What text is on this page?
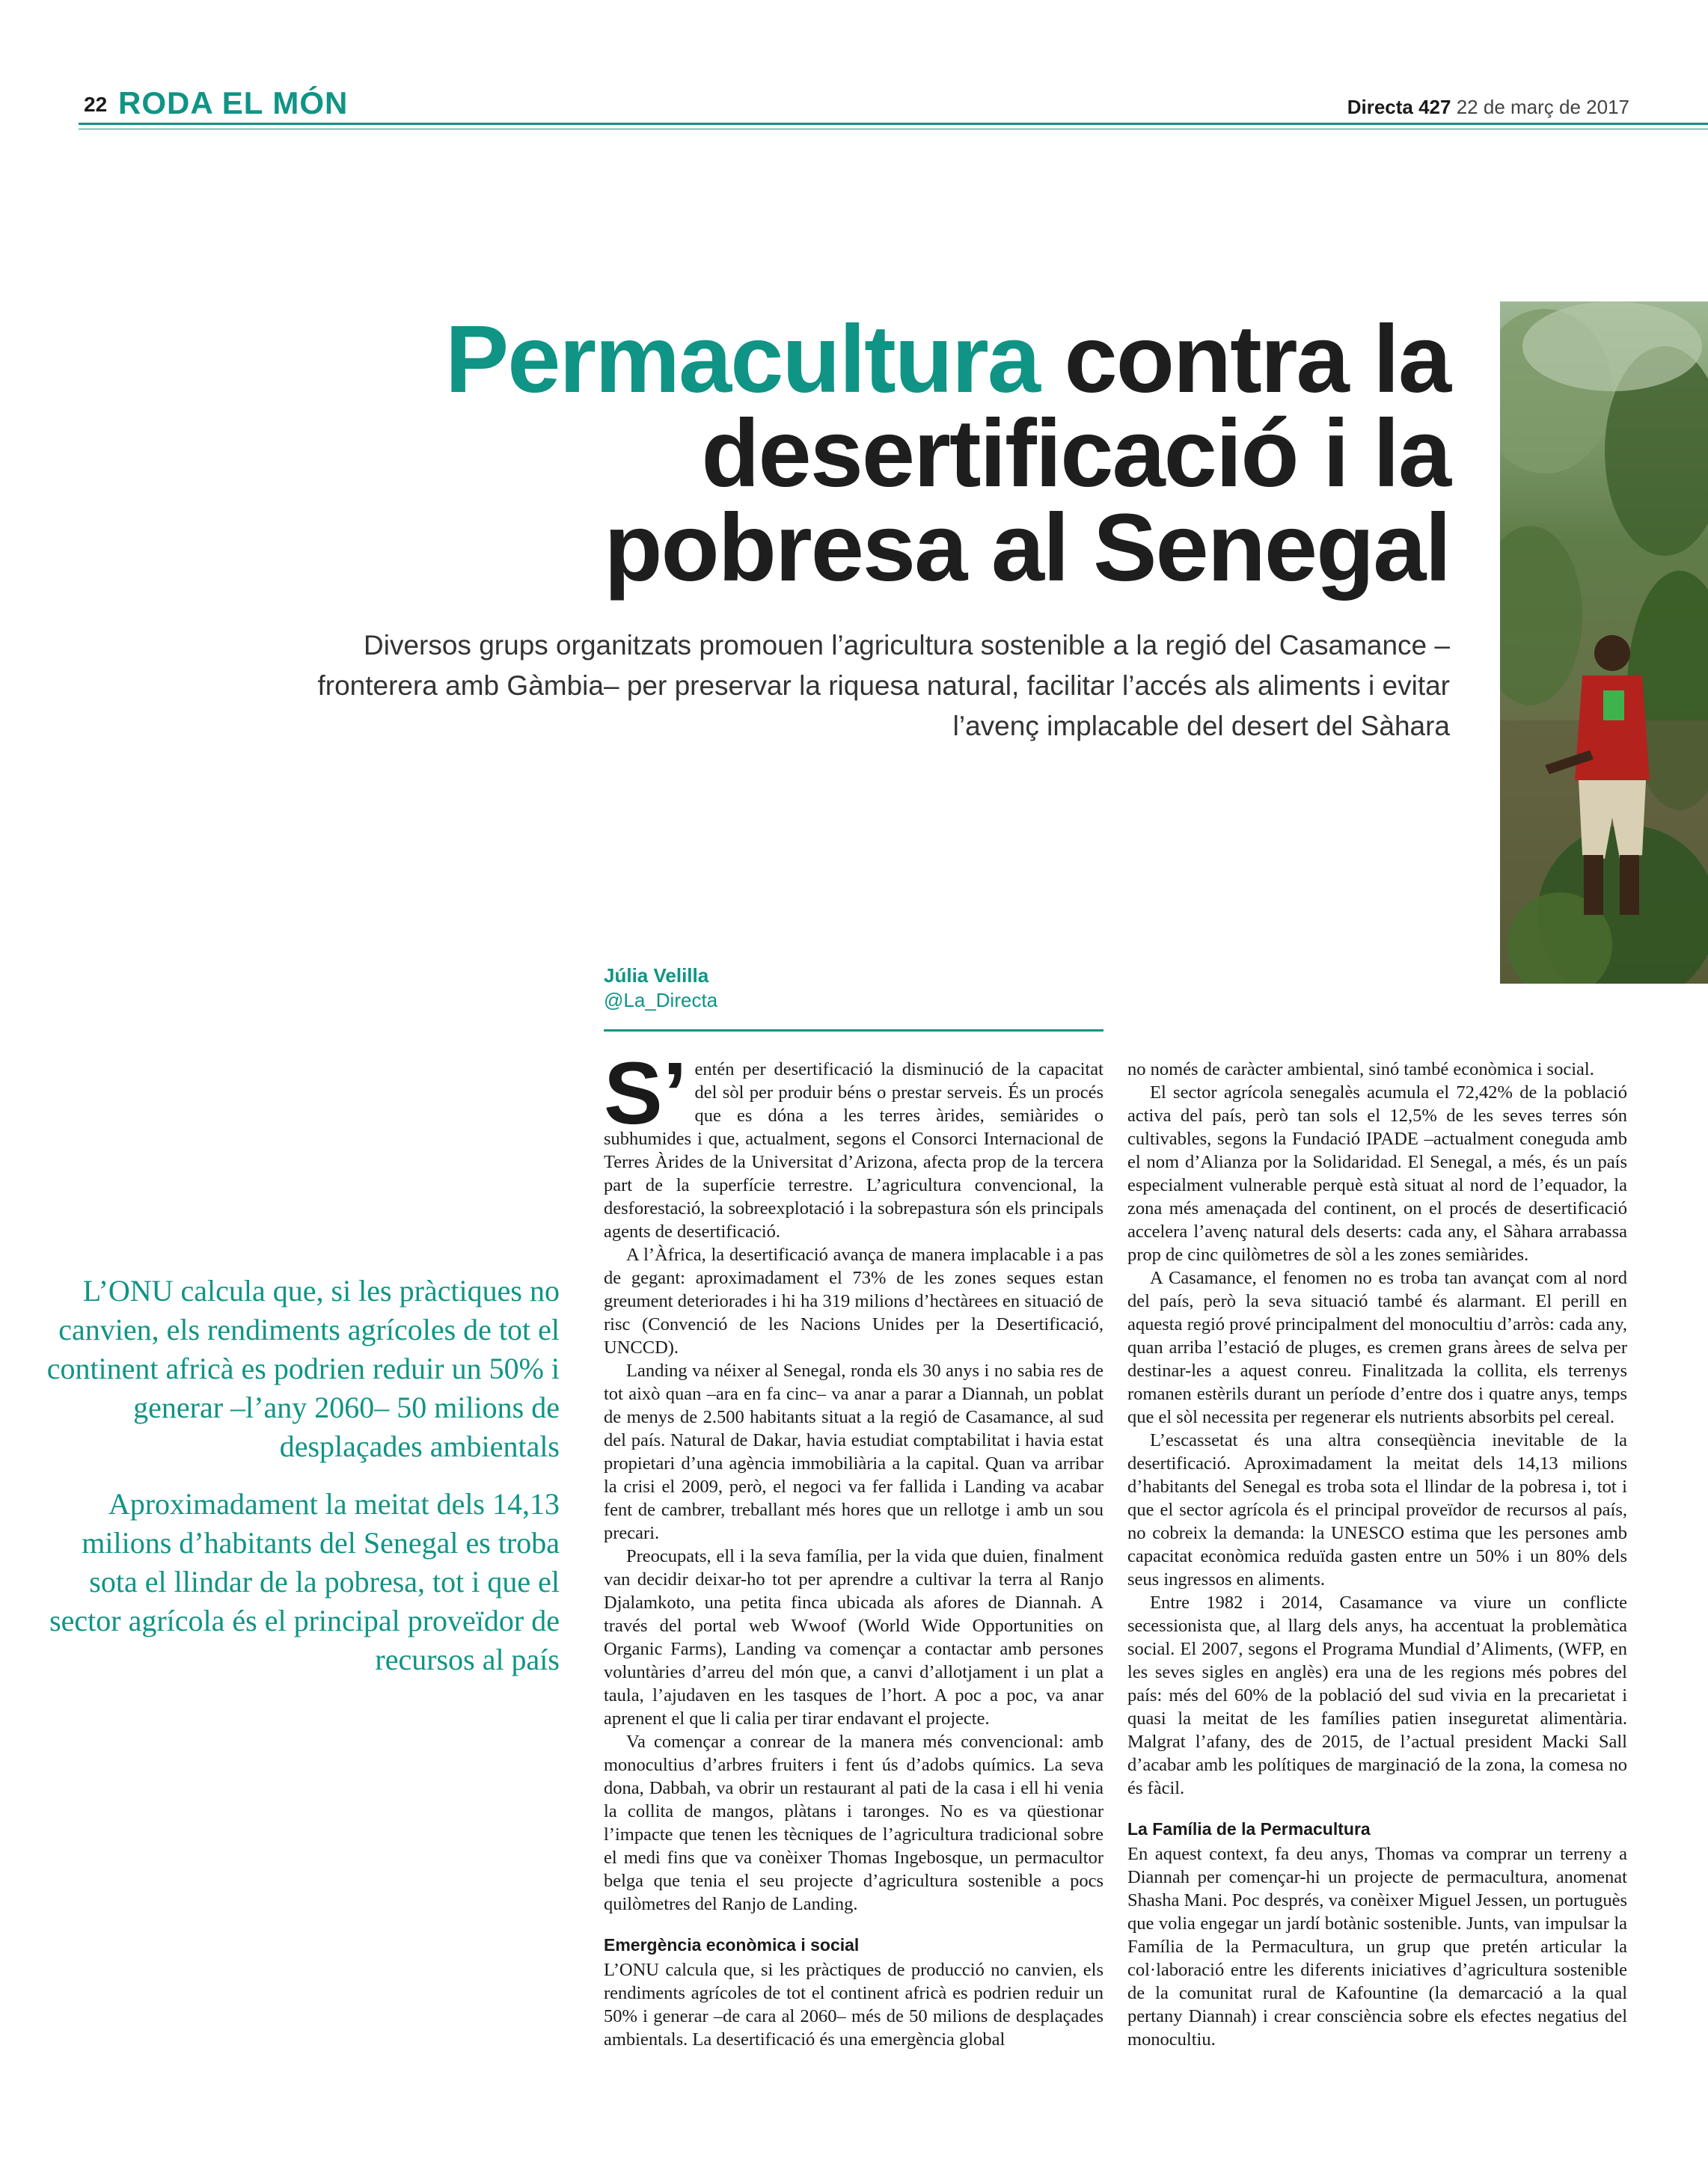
22 RODA EL MÓN	Directa 427 22 de març de 2017
Permacultura contra la desertificació i la pobresa al Senegal
Diversos grups organitzats promouen l’agricultura sostenible a la regió del Casamance –fronterera amb Gàmbia– per preservar la riquesa natural, facilitar l’accés als aliments i evitar l’avenç implacable del desert del Sàhara
Júlia Velilla
@La_Directa
L’ONU calcula que, si les pràctiques no canvien, els rendiments agrícoles de tot el continent africà es podrien reduir un 50% i generar –l’any 2060– 50 milions de desplaçades ambientals
Aproximadament la meitat dels 14,13 milions d’habitants del Senegal es troba sota el llindar de la pobresa, tot i que el sector agrícola és el principal proveïdor de recursos al país

S’ entén per desertificació la disminució de la capacitat del sòl per produir béns o prestar serveis. És un procés que es dóna a les terres àrides, semiàrides o subhumides i que, actualment, segons el Consorci Internacional de Terres Àrides de la Universitat d’Arizona, afecta prop de la tercera part de la superfície terrestre. L’agricultura convencional, la desforestació, la sobreexplotació i la sobrepastura són els principals agents de desertificació.

A l’Àfrica, la desertificació avança de manera implacable i a pas de gegant: aproximadament el 73% de les zones seques estan greument deteriorades i hi ha 319 milions d’hectàrees en situació de risc (Convenció de les Nacions Unides per la Desertificació, UNCCD).

Landing va néixer al Senegal, ronda els 30 anys i no sabia res de tot això quan –ara en fa cinc– va anar a parar a Diannah, un poblat de menys de 2.500 habitants situat a la regió de Casamance, al sud del país. Natural de Dakar, havia estudiat comptabilitat i havia estat propietari d’una agència immobiliària a la capital. Quan va arribar la crisi el 2009, però, el negoci va fer fallida i Landing va acabar fent de cambrer, treballant més hores que un rellotge i amb un sou precari.

Preocupats, ell i la seva família, per la vida que duien, finalment van decidir deixar-ho tot per aprendre a cultivar la terra al Ranjo Djalamkoto, una petita finca ubicada als afores de Diannah. A través del portal web Wwoof (World Wide Opportunities on Organic Farms), Landing va començar a contactar amb persones voluntàries d’arreu del món que, a canvi d’allotjament i un plat a taula, l’ajudaven en les tasques de l’hort. A poc a poc, va anar aprenent el que li calia per tirar endavant el projecte.

Va començar a conrear de la manera més convencional: amb monocultius d’arbres fruiters i fent ús d’adobs químics. La seva dona, Dabbah, va obrir un restaurant al pati de la casa i ell hi venia la collita de mangos, plàtans i taronges. No es va qüestionar l’impacte que tenen les tècniques de l’agricultura tradicional sobre el medi fins que va conèixer Thomas Ingebosque, un permacultor belga que tenia el seu projecte d’agricultura sostenible a pocs quilòmetres del Ranjo de Landing.

Emergència econòmica i social

L’ONU calcula que, si les pràctiques de producció no canvien, els rendiments agrícoles de tot el continent africà es podrien reduir un 50% i generar –de cara al 2060– més de 50 milions de desplaçades ambientals. La desertificació és una emergència global

no només de caràcter ambiental, sinó també econòmica i social.

El sector agrícola senegalès acumula el 72,42% de la població activa del país, però tan sols el 12,5% de les seves terres són cultivables, segons la Fundació IPADE –actualment coneguda amb el nom d’Alianza por la Solidaridad. El Senegal, a més, és un país especialment vulnerable perquè està situat al nord de l’equador, la zona més amenaçada del continent, on el procés de desertificació accelera l’avenç natural dels deserts: cada any, el Sàhara arrabassa prop de cinc quilòmetres de sòl a les zones semiàrides.

A Casamance, el fenomen no es troba tan avançat com al nord del país, però la seva situació també és alarmant. El perill en aquesta regió prové principalment del monocultiu d’arròs: cada any, quan arriba l’estació de pluges, es cremen grans àrees de selva per destinar-les a aquest conreu. Finalitzada la collita, els terrenys romanen estèrils durant un període d’entre dos i quatre anys, temps que el sòl necessita per regenerar els nutrients absorbits pel cereal.

L’escassetat és una altra conseqüència inevitable de la desertificació. Aproximadament la meitat dels 14,13 milions d’habitants del Senegal es troba sota el llindar de la pobresa i, tot i que el sector agrícola és el principal proveïdor de recursos al país, no cobreix la demanda: la UNESCO estima que les persones amb capacitat econòmica reduïda gasten entre un 50% i un 80% dels seus ingressos en aliments.

Entre 1982 i 2014, Casamance va viure un conflicte secessionista que, al llarg dels anys, ha accentuat la problemàtica social. El 2007, segons el Programa Mundial d’Aliments, (WFP, en les seves sigles en anglès) era una de les regions més pobres del país: més del 60% de la població del sud vivia en la precarietat i quasi la meitat de les famílies patien inseguretat alimentària. Malgrat l’afany, des de 2015, de l’actual president Macki Sall d’acabar amb les polítiques de marginació de la zona, la comesa no és fàcil.

La Família de la Permacultura

En aquest context, fa deu anys, Thomas va comprar un terreny a Diannah per començar-hi un projecte de permacultura, anomenat Shasha Mani. Poc després, va conèixer Miguel Jessen, un portuguès que volia engegar un jardí botànic sostenible. Junts, van impulsar la Família de la Permacultura, un grup que pretén articular la col·laboració entre les diferents iniciatives d’agricultura sostenible de la comunitat rural de Kafountine (la demarcació a la qual pertany Diannah) i crear consciència sobre els efectes negatius del monocultiu.
